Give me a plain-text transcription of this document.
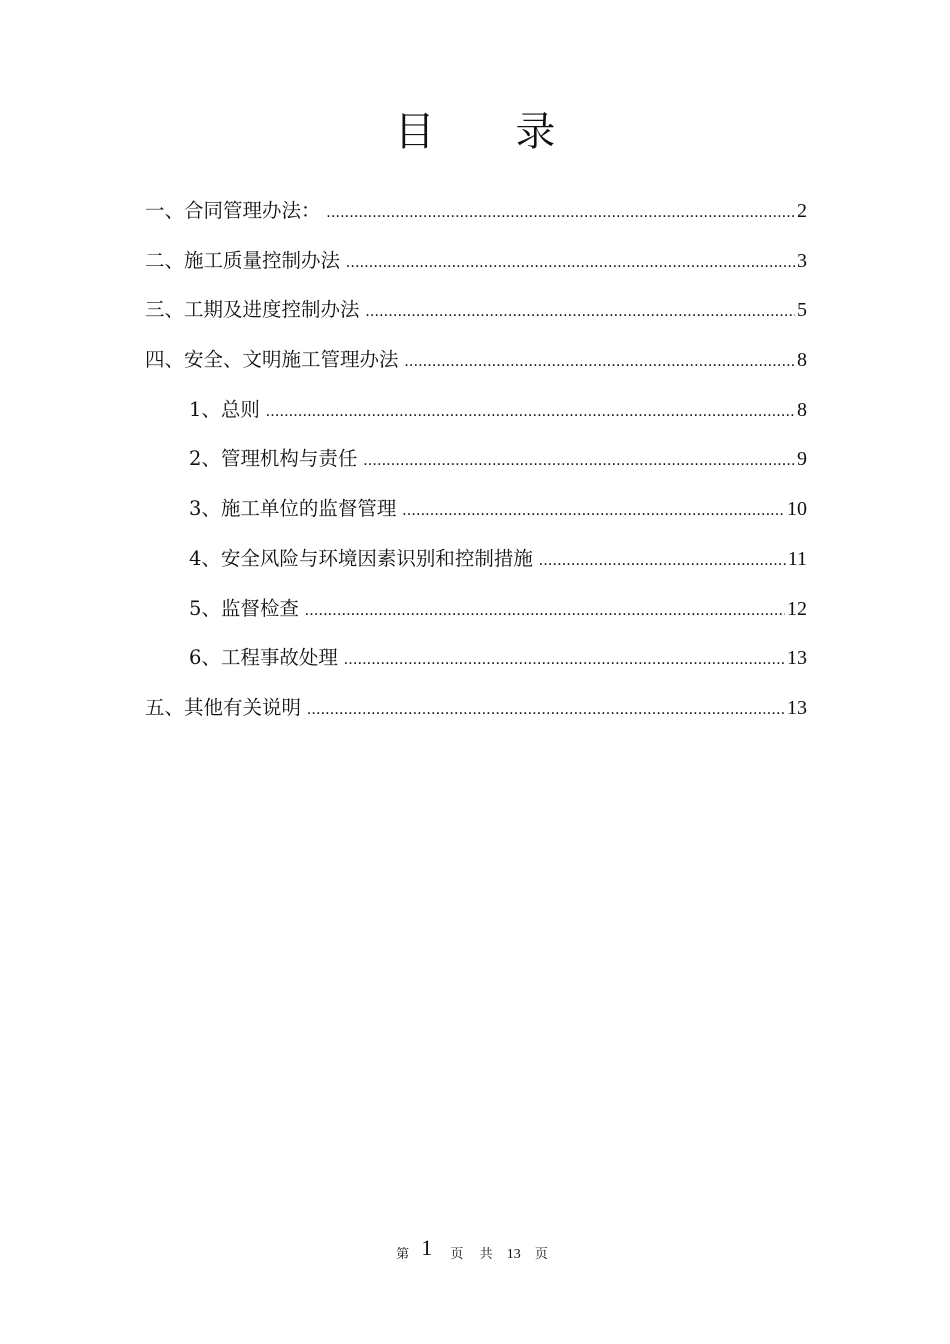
目 录
一、合同管理办法： .....	2
二、施工质量控制办法 .....	3
三、工期及进度控制办法 .....	5
四、安全、文明施工管理办法 .....	8
1、总则 .....	8
2、管理机构与责任 .....	9
3、施工单位的监督管理 .....	10
4、安全风险与环境因素识别和控制措施 .....	11
5、监督检查 .....	12
6、工程事故处理 .....	13
五、其他有关说明 .....	13
第 1 页 共 13 页
